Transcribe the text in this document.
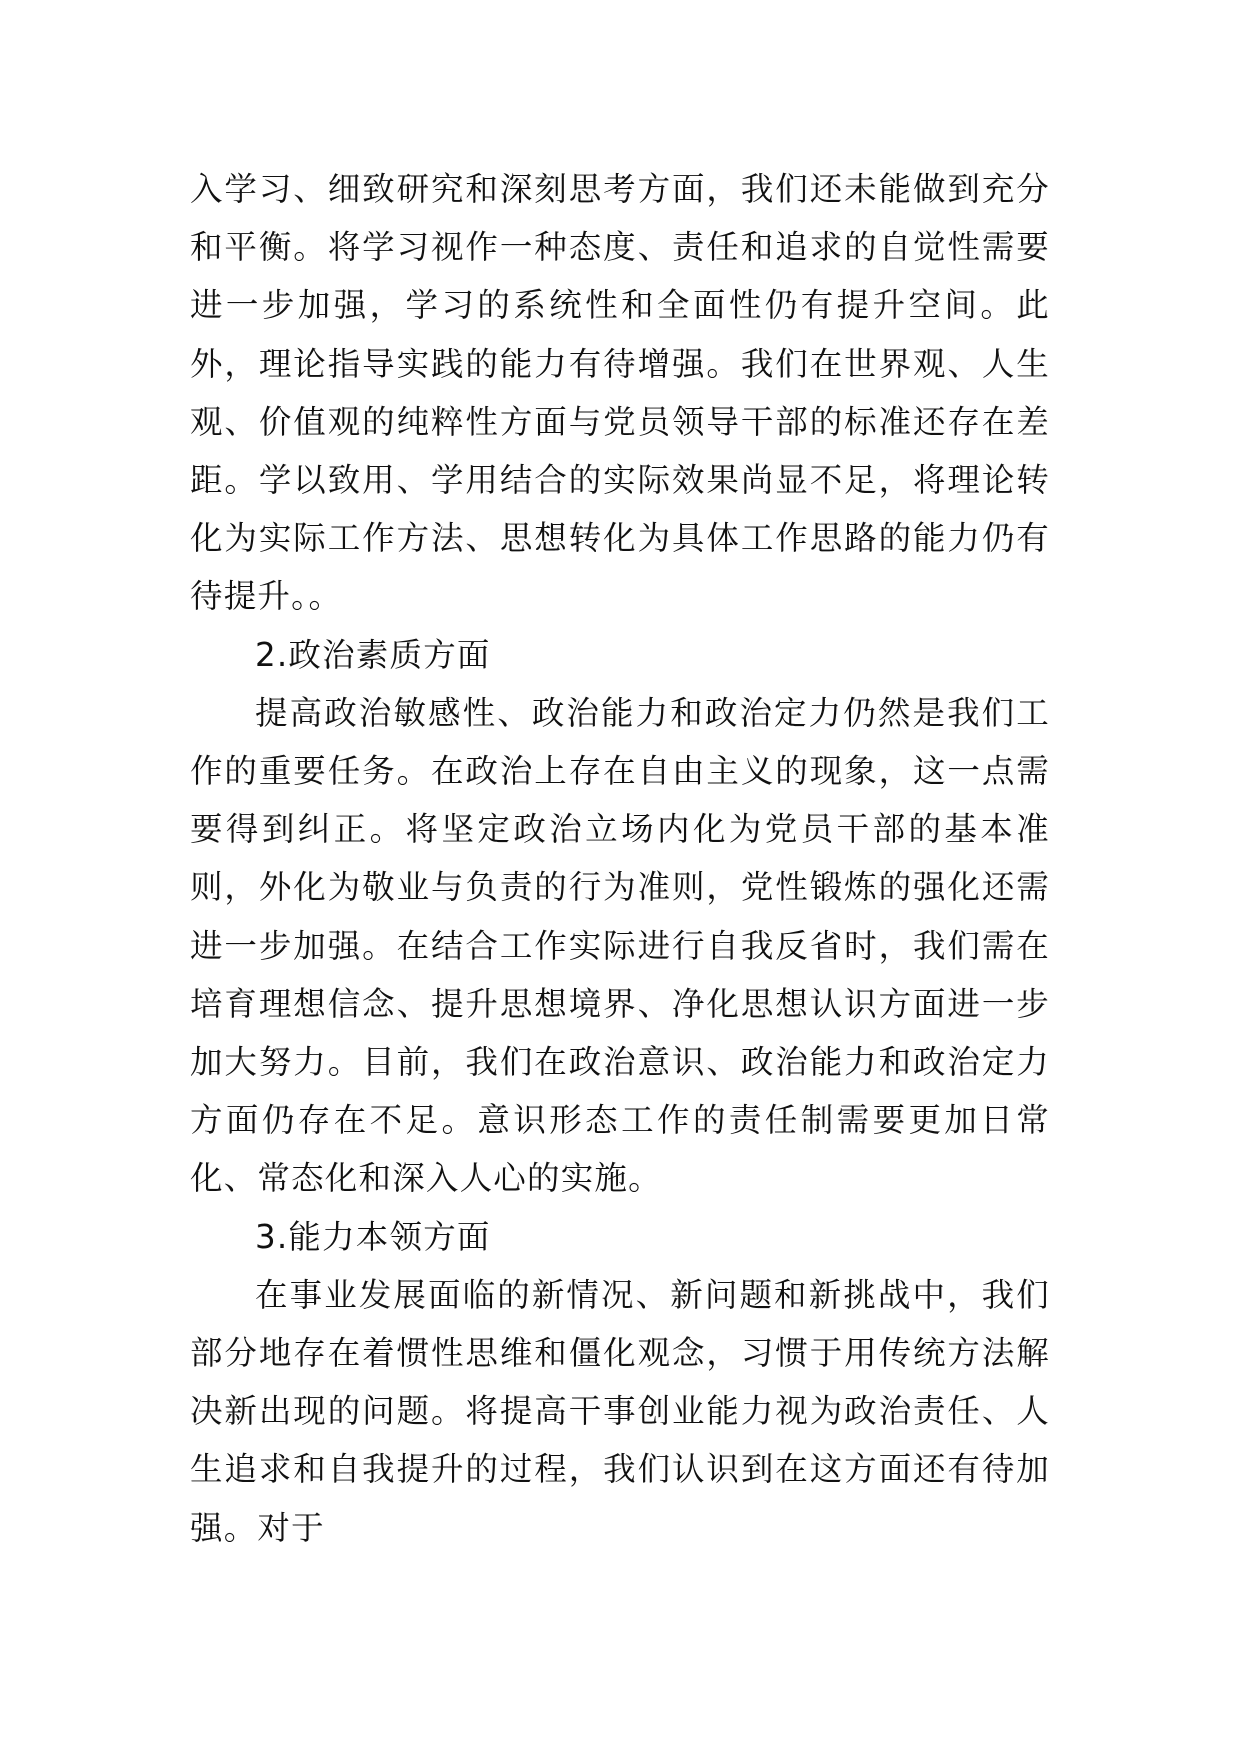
入学习、细致研究和深刻思考方面，我们还未能做到充分和平衡。将学习视作一种态度、责任和追求的自觉性需要进一步加强，学习的系统性和全面性仍有提升空间。此外，理论指导实践的能力有待增强。我们在世界观、人生观、价值观的纯粹性方面与党员领导干部的标准还存在差距。学以致用、学用结合的实际效果尚显不足，将理论转化为实际工作方法、思想转化为具体工作思路的能力仍有待提升。。

2.政治素质方面

提高政治敏感性、政治能力和政治定力仍然是我们工作的重要任务。在政治上存在自由主义的现象，这一点需要得到纠正。将坚定政治立场内化为党员干部的基本准则，外化为敬业与负责的行为准则，党性锻炼的强化还需进一步加强。在结合工作实际进行自我反省时，我们需在培育理想信念、提升思想境界、净化思想认识方面进一步加大努力。目前，我们在政治意识、政治能力和政治定力方面仍存在不足。意识形态工作的责任制需要更加日常化、常态化和深入人心的实施。

3.能力本领方面

在事业发展面临的新情况、新问题和新挑战中，我们部分地存在着惯性思维和僵化观念，习惯于用传统方法解决新出现的问题。将提高干事创业能力视为政治责任、人生追求和自我提升的过程，我们认识到在这方面还有待加强。对于
